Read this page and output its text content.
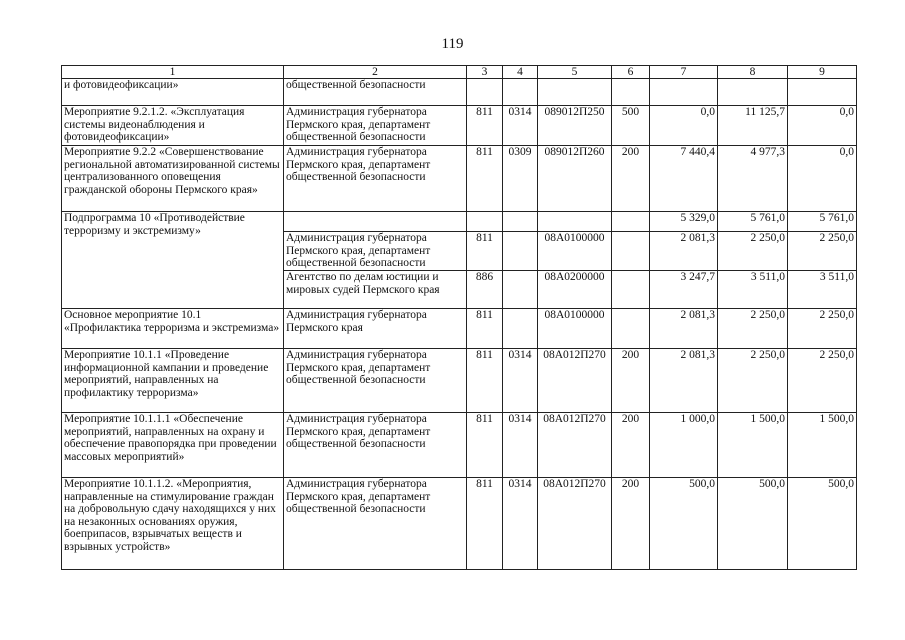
119
1	2	3	4	5	6	7	8	9
и фотовидеофиксации»	общественной безопасности							
Мероприятие 9.2.1.2. «Эксплуатация системы видеонаблюдения и фотовидеофиксации»	Администрация губернатора Пермского края, департамент общественной безопасности	811	0314	089012П250	500	0,0	11 125,7	0,0
Мероприятие 9.2.2 «Совершенствование региональной автоматизированной системы централизованного оповещения гражданской обороны Пермского края»	Администрация губернатора Пермского края, департамент общественной безопасности	811	0309	089012П260	200	7 440,4	4 977,3	0,0
Подпрограмма 10 «Противодействие терроризму и экстремизму»						5 329,0	5 761,0	5 761,0
	Администрация губернатора Пермского края, департамент общественной безопасности	811		08А0100000		2 081,3	2 250,0	2 250,0
	Агентство по делам юстиции и мировых судей Пермского края	886		08А0200000		3 247,7	3 511,0	3 511,0
Основное мероприятие 10.1 «Профилактика терроризма и экстремизма»	Администрация губернатора Пермского края	811		08А0100000		2 081,3	2 250,0	2 250,0
Мероприятие 10.1.1 «Проведение информационной кампании и проведение мероприятий, направленных на профилактику терроризма»	Администрация губернатора Пермского края, департамент общественной безопасности	811	0314	08А012П270	200	2 081,3	2 250,0	2 250,0
Мероприятие 10.1.1.1 «Обеспечение мероприятий, направленных на охрану и обеспечение правопорядка при проведении массовых мероприятий»	Администрация губернатора Пермского края, департамент общественной безопасности	811	0314	08А012П270	200	1 000,0	1 500,0	1 500,0
Мероприятие 10.1.1.2. «Мероприятия, направленные на стимулирование граждан на добровольную сдачу находящихся у них на незаконных основаниях оружия, боеприпасов, взрывчатых веществ и взрывных устройств»	Администрация губернатора Пермского края, департамент общественной безопасности	811	0314	08А012П270	200	500,0	500,0	500,0
